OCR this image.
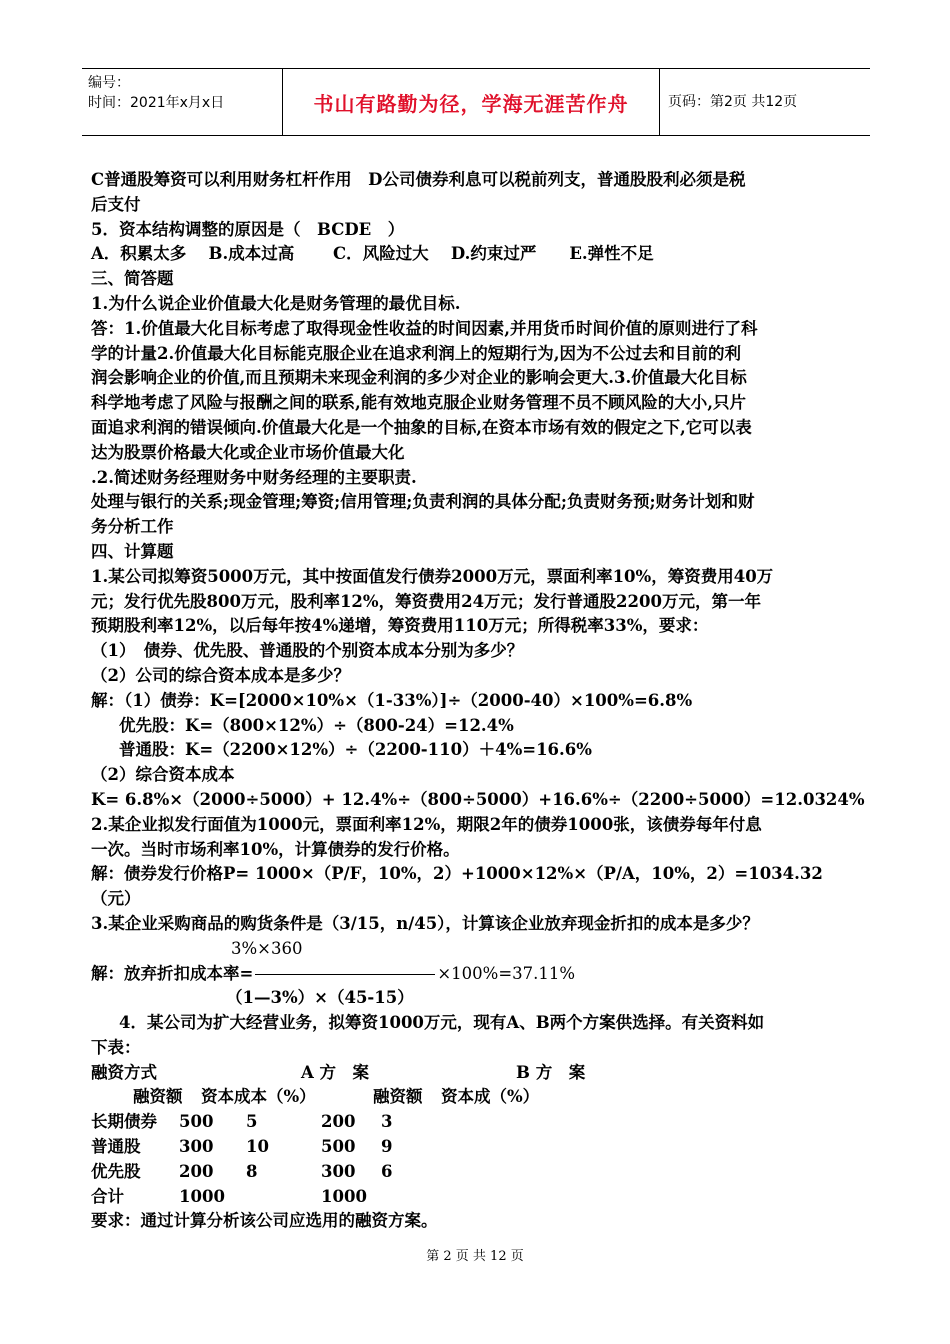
编号：
时间：2021年x月x日	书山有路勤为径，学海无涯苦作舟	页码：第2页 共12页
C普通股筹资可以利用财务杠杆作用　D公司债券利息可以税前列支，普通股股利必须是税
后支付
5．资本结构调整的原因是（　BCDE　）
A．积累太多　 B.成本过高　　 C．风险过大　 D.约束过严　　E.弹性不足
三、简答题
1.为什么说企业价值最大化是财务管理的最优目标.
答：1.价值最大化目标考虑了取得现金性收益的时间因素,并用货币时间价值的原则进行了科
学的计量2.价值最大化目标能克服企业在追求利润上的短期行为,因为不公过去和目前的利
润会影响企业的价值,而且预期未来现金利润的多少对企业的影响会更大.3.价值最大化目标
科学地考虑了风险与报酬之间的联系,能有效地克服企业财务管理不员不顾风险的大小,只片
面追求利润的错误倾向.价值最大化是一个抽象的目标,在资本市场有效的假定之下,它可以表
达为股票价格最大化或企业市场价值最大化
.2.简述财务经理财务中财务经理的主要职责.
处理与银行的关系;现金管理;筹资;信用管理;负责利润的具体分配;负责财务预;财务计划和财
务分析工作
四、计算题
1.某公司拟筹资5000万元，其中按面值发行债券2000万元，票面利率10%，筹资费用40万
元；发行优先股800万元，股利率12%，筹资费用24万元；发行普通股2200万元，第一年
预期股利率12%，以后每年按4%递增，筹资费用110万元；所得税率33%，要求：
（1）　债券、优先股、普通股的个别资本成本分别为多少？
（2）公司的综合资本成本是多少？
解：（1）债券：K=[2000×10%×（1-33%）]÷（2000-40）×100%=6.8%
优先股：K=（800×12%）÷（800-24）=12.4%
普通股：K=（2200×12%）÷（2200-110）＋4%=16.6%
（2）综合资本成本
K= 6.8%×（2000÷5000）+ 12.4%÷（800÷5000）+16.6%÷（2200÷5000）=12.0324%
2.某企业拟发行面值为1000元，票面利率12%，期限2年的债券1000张，该债券每年付息
一次。当时市场利率10%，计算债券的发行价格。
解：债券发行价格P= 1000×（P/F，10%，2）+1000×12%×（P/A，10%，2）=1034.32
（元）
3.某企业采购商品的购货条件是（3/15，n/45），计算该企业放弃现金折扣的成本是多少？
3%×360
解：放弃折扣成本率=	×100%=37.11%
（1—3%）×（45-15）
4．某公司为扩大经营业务，拟筹资1000万元，现有A、B两个方案供选择。有关资料如
下表：
融资方式	A 方　案	B 方　案
融资额 资本成本（%）	融资额 资本成（%）
长期债券 500 5	200 3
普通股 300 10	500 9
优先股 200 8	300 6
合计	1000	1000
要求：通过计算分析该公司应选用的融资方案。
第 2 页 共 12 页
